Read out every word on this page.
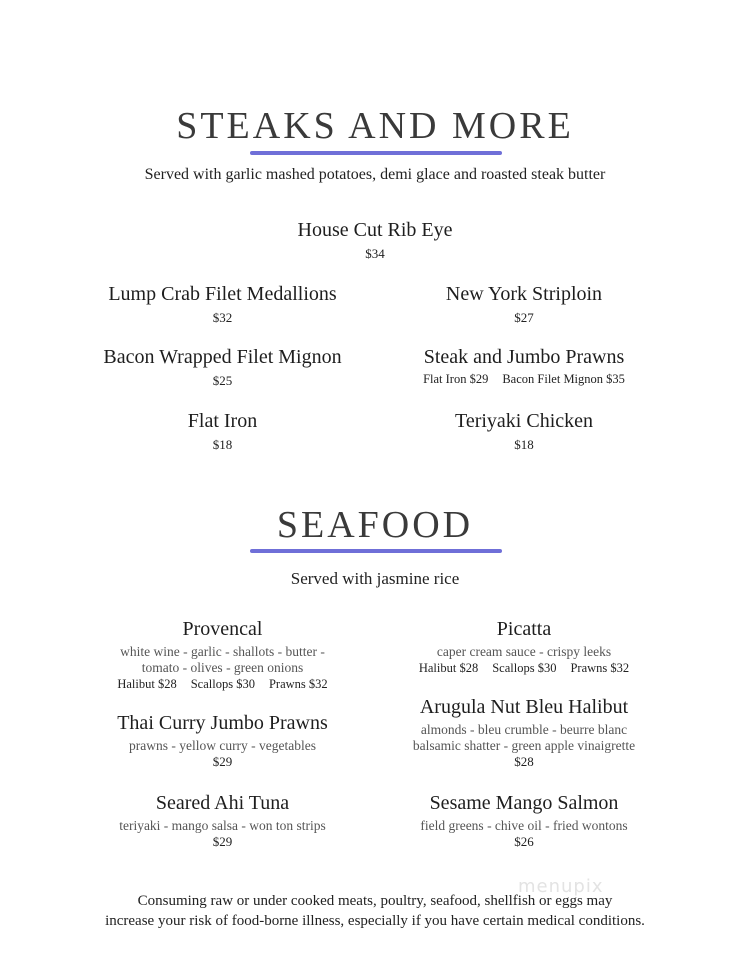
STEAKS AND MORE
Served with garlic mashed potatoes, demi glace and roasted steak butter
House Cut Rib Eye
$34
Lump Crab Filet Medallions
$32
New York Striploin
$27
Bacon Wrapped Filet Mignon
$25
Steak and Jumbo Prawns
Flat Iron $29 Bacon Filet Mignon $35
Flat Iron
$18
Teriyaki Chicken
$18
SEAFOOD
Served with jasmine rice
Provencal
white wine - garlic - shallots - butter -
tomato - olives - green onions
Halibut $28 Scallops $30 Prawns $32
Picatta
caper cream sauce - crispy leeks
Halibut $28 Scallops $30 Prawns $32
Thai Curry Jumbo Prawns
prawns - yellow curry - vegetables
$29
Arugula Nut Bleu Halibut
almonds - bleu crumble - beurre blanc
balsamic shatter - green apple vinaigrette
$28
Seared Ahi Tuna
teriyaki - mango salsa - won ton strips
$29
Sesame Mango Salmon
field greens - chive oil - fried wontons
$26
menupix
Consuming raw or under cooked meats, poultry, seafood, shellfish or eggs may
increase your risk of food-borne illness, especially if you have certain medical conditions.
